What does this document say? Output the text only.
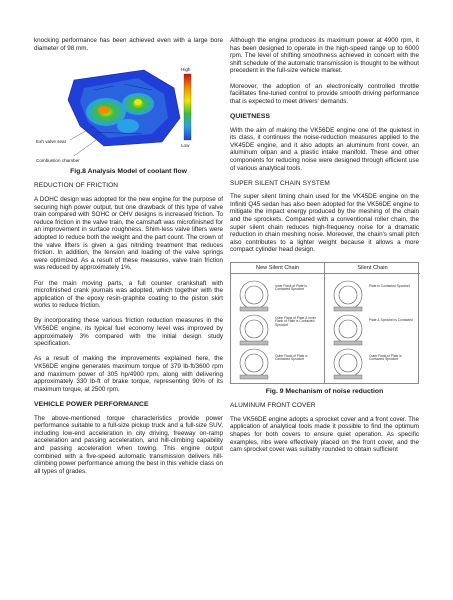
knocking performance has been achieved even with a large bore diameter of 98 mm.

High
Low
Exh valve seat
Combustion chamber
Fig.8 Analysis Model of coolant flow
REDUCTION OF FRICTION

A DOHC design was adopted for the new engine for the purpose of securing high power output, but one drawback of this type of valve train compared with SOHC or OHV designs is increased friction. To reduce friction in the valve train, the camshaft was microfinished for an improvement in surface roughness. Shim-less valve lifters were adopted to reduce both the weight and the part count. The crown of the valve lifters is given a gas nitriding treatment that reduces friction. In addition, the tension and loading of the valve springs were optimized. As a result of these measures, valve train friction was reduced by approximately 1%.

For the main moving parts, a full counter crankshaft with microfinished crank journals was adopted, which together with the application of the epoxy resin-graphite coating to the piston skirt works to reduce friction.

By incorporating these various friction reduction measures in the VK56DE engine, its typical fuel economy level was improved by approximately 3% compared with the initial design study specification.

As a result of making the improvements explained here, the VK56DE engine generates maximum torque of 379 lb-ft/3600 rpm and maximum power of 305 hp/4900 rpm, along with delivering approximately 330 lb-ft of brake torque, representing 90% of its maximum torque, at 2500 rpm.

VEHICLE POWER PERFORMANCE

The above-mentioned torque characteristics provide power performance suitable to a full-size pickup truck and a full-size SUV, including low-end acceleration in city driving, freeway on-ramp acceleration and passing acceleration, and hill-climbing capability and passing acceleration when towing. This engine output combined with a five-speed automatic transmission delivers hill-climbing power performance among the best in this vehicle class on all types of grades.

Although the engine produces its maximum power at 4900 rpm, it has been designed to operate in the high-speed range up to 6000 rpm. The level of shifting smoothness achieved in concert with the shift schedule of the automatic transmission is thought to be without precedent in the full-size vehicle market.

Moreover, the adoption of an electronically controlled throttle facilitates fine-tuned control to provide smooth driving performance that is expected to meet drivers' demands.

QUIETNESS

With the aim of making the VK56DE engine one of the quietest in its class, it continues the noise-reduction measures applied to the VK45DE engine, and it also adopts an aluminum front cover, an aluminum oilpan and a plastic intake manifold. These and other components for reducing noise were designed through efficient use of various analytical tools.

SUPER SILENT CHAIN SYSTEM

The super silent timing chain used for the VK45DE engine on the Infiniti Q45 sedan has also been adopted for the VK56DE engine to mitigate the impact energy produced by the meshing of the chain and the sprockets. Compared with a conventional roller chain, the super silent chain reduces high-frequency noise for a dramatic reduction in chain meshing noise. Moreover, the chain's small pitch also contributes to a lighter weight because it allows a more compact cylinder head design.

New Silent Chain
Inner Flank of Plate is Contacted Sprocket
Outer Flank of Plate & Inner Flank of Plate is Contacted Sprocket
Outer Flank of Plate is Contacted Sprocket
Silent Chain
Plate is Contacted Sprocket
Plate & Sprocket is Contacted
Outer Flank of Plate is Contacted Sprocket
Fig. 9 Mechanism of noise reduction
ALUMINUM FRONT COVER

The VK56DE engine adopts a sprocket cover and a front cover. The application of analytical tools made it possible to find the optimum shapes for both covers to ensure quiet operation. As specific examples, ribs were effectively placed on the front cover, and the cam sprocket cover was suitably rounded to obtain sufficient
